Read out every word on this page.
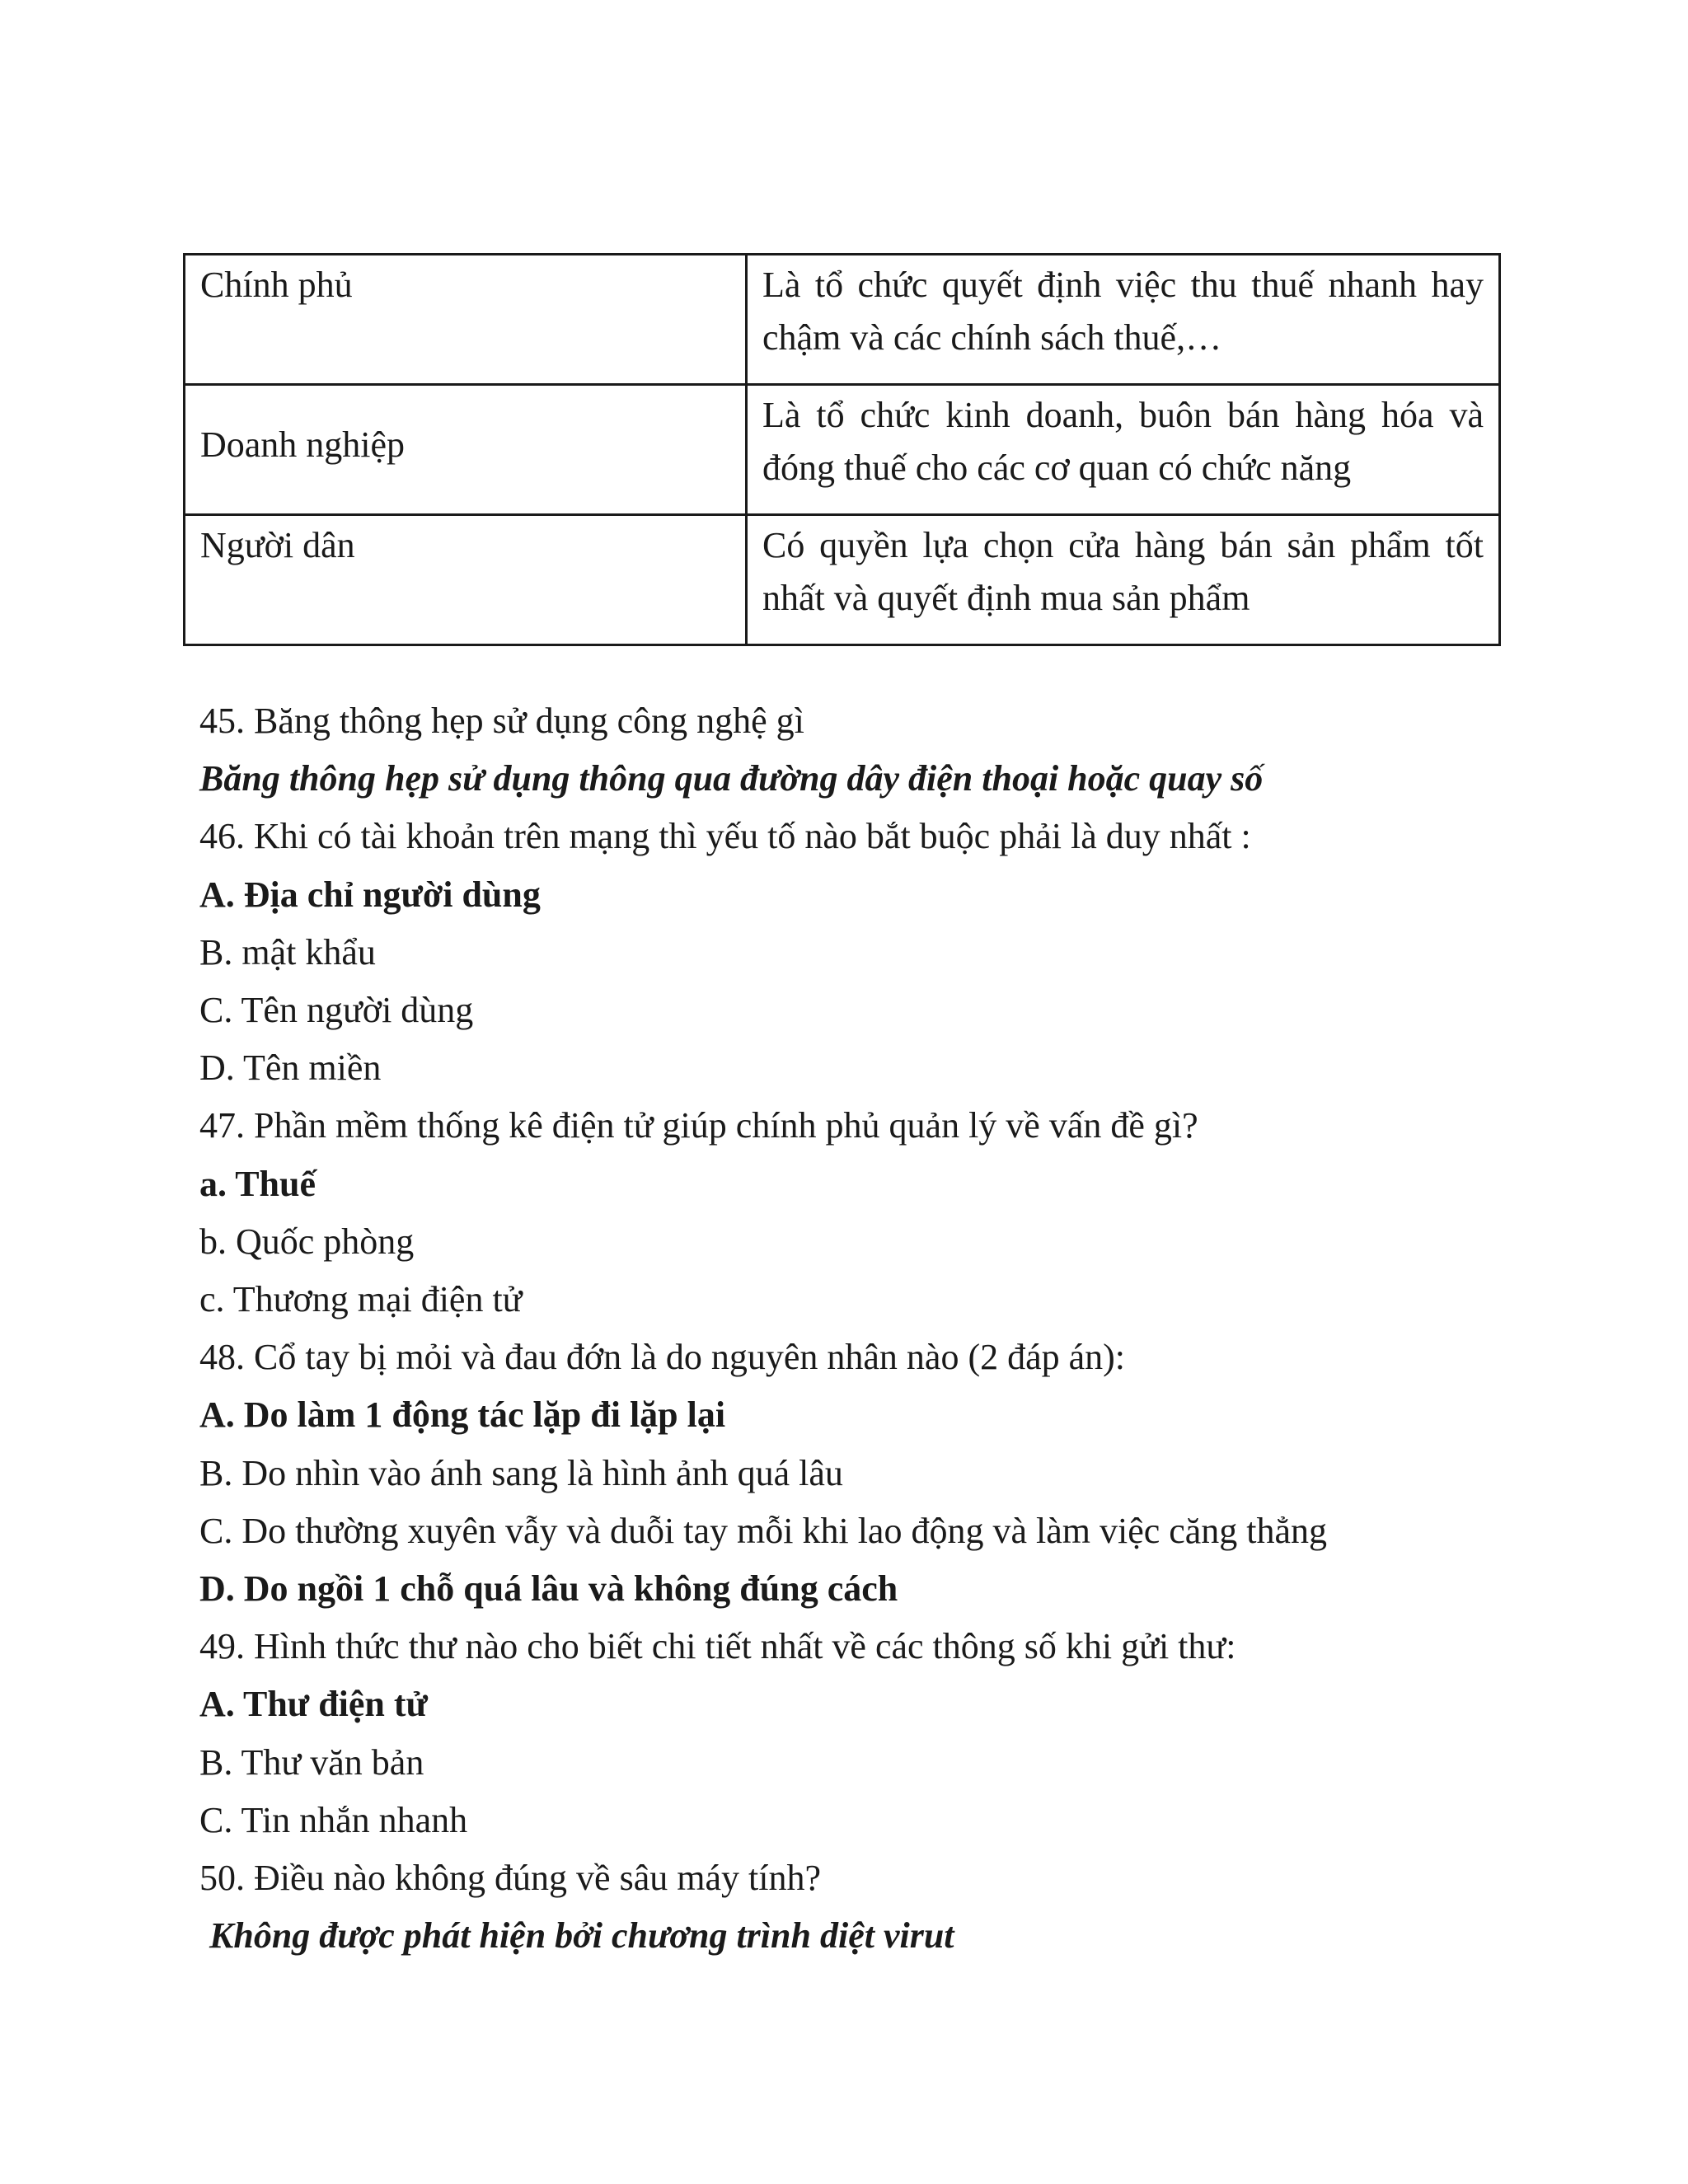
Chính phủ	Là tổ chức quyết định việc thu thuế nhanh hay chậm và các chính sách thuế,…
Doanh nghiệp	Là tổ chức kinh doanh, buôn bán hàng hóa và đóng thuế cho các cơ quan có chức năng
Người dân	Có quyền lựa chọn cửa hàng bán sản phẩm tốt nhất và quyết định mua sản phẩm
45. Băng thông hẹp sử dụng công nghệ gì
Băng thông hẹp sử dụng thông qua đường dây điện thoại hoặc quay số
46. Khi có tài khoản trên mạng thì yếu tố nào bắt buộc phải là duy nhất :
A. Địa chỉ người dùng
B. mật khẩu
C. Tên người dùng
D. Tên miền
47. Phần mềm thống kê điện tử giúp chính phủ quản lý về vấn đề gì?
a. Thuế
b. Quốc phòng
c. Thương mại điện tử
48. Cổ tay bị mỏi và đau đớn là do nguyên nhân nào (2 đáp án):
A. Do làm 1 động tác lặp đi lặp lại
B. Do nhìn vào ánh sang là hình ảnh quá lâu
C. Do thường xuyên vẫy và duỗi tay mỗi khi lao động và làm việc căng thẳng
D. Do ngồi 1 chỗ quá lâu và không đúng cách
49. Hình thức thư nào cho biết chi tiết nhất về các thông số khi gửi thư:
A. Thư điện tử
B. Thư văn bản
C. Tin nhắn nhanh
50. Điều nào không đúng về sâu máy tính?
Không được phát hiện bởi chương trình diệt virut
